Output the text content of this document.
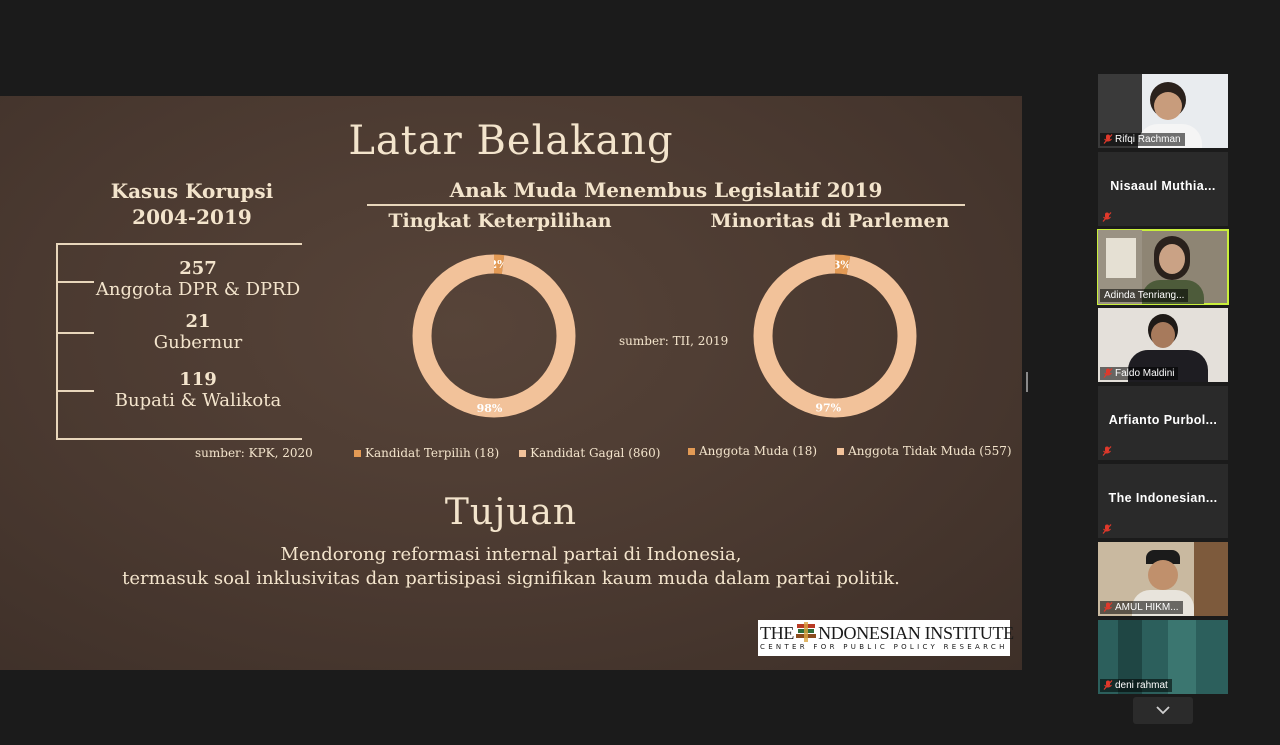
Latar Belakang
Kasus Korupsi
2004-2019
257
Anggota DPR & DPRD
21
Gubernur
119
Bupati & Walikota
sumber: KPK, 2020
Anak Muda Menembus Legislatif 2019
Tingkat Keterpilihan	Minoritas di Parlemen
2%
98%
3%
97%
sumber: TII, 2019
Kandidat Terpilih (18)	Kandidat Gagal (860)	Anggota Muda (18)	Anggota Tidak Muda (557)
Tujuan
Mendorong reformasi internal partai di Indonesia,
termasuk soal inklusivitas dan partisipasi signifikan kaum muda dalam partai politik.
THE NDONESIAN INSTITUTE
CENTER FOR PUBLIC POLICY RESEARCH
Rifqi Rachman
Nisaaul Muthia...
Adinda Tenriang...
Faldo Maldini
Arfianto Purbol...
The Indonesian...
AMUL HIKM...
deni rahmat
